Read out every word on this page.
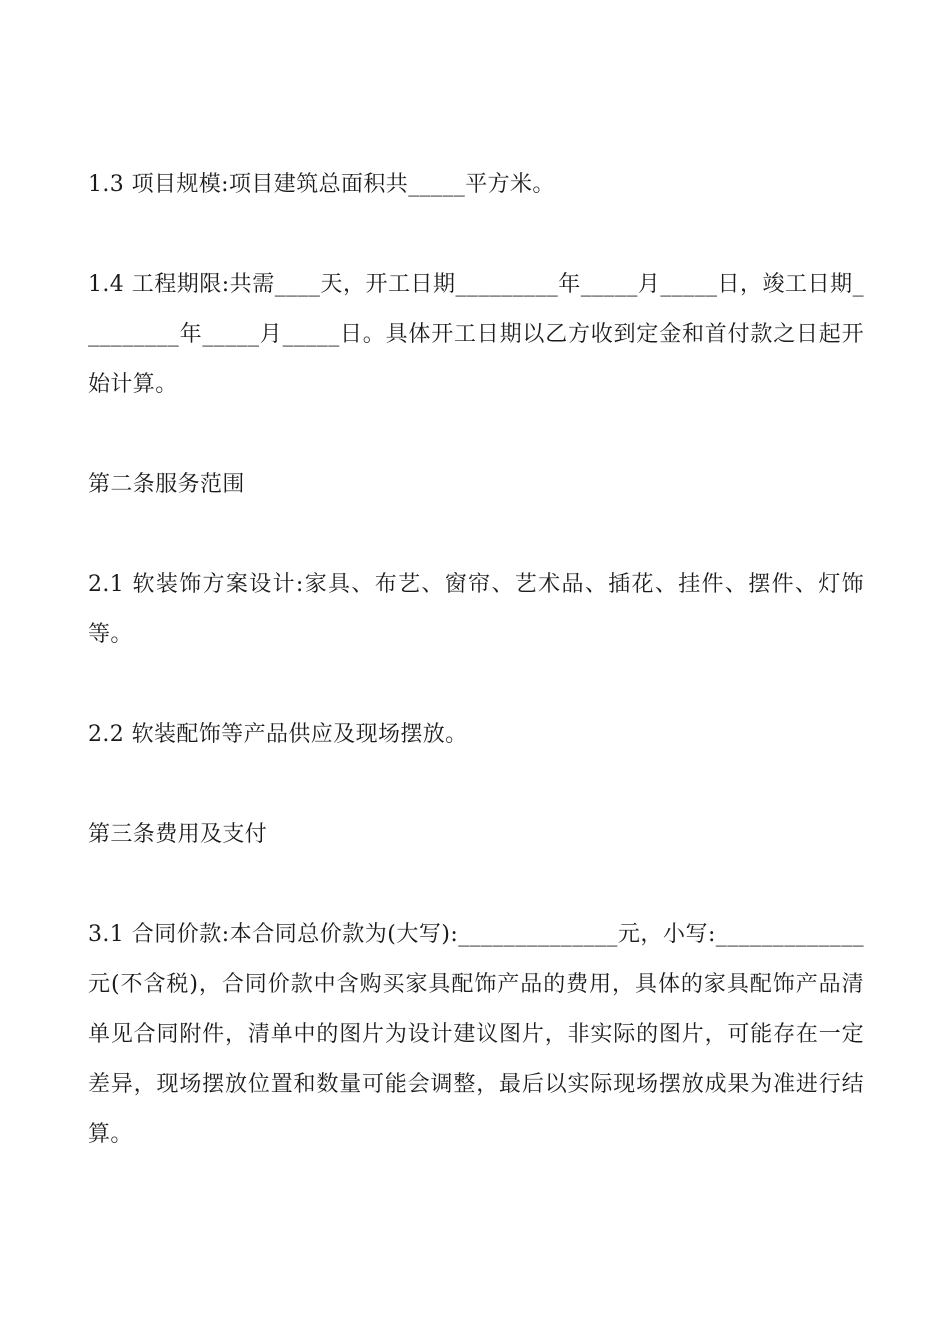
1.3 项目规模:项目建筑总面积共_____平方米。

1.4 工程期限:共需____天，开工日期_________年_____月_____日，竣工日期_________年_____月_____日。具体开工日期以乙方收到定金和首付款之日起开始计算。

第二条服务范围

2.1 软装饰方案设计:家具、布艺、窗帘、艺术品、插花、挂件、摆件、灯饰等。

2.2 软装配饰等产品供应及现场摆放。

第三条费用及支付

3.1 合同价款:本合同总价款为(大写):______________元，小写:_____________元(不含税)，合同价款中含购买家具配饰产品的费用，具体的家具配饰产品清单见合同附件，清单中的图片为设计建议图片，非实际的图片，可能存在一定差异，现场摆放位置和数量可能会调整，最后以实际现场摆放成果为准进行结算。
